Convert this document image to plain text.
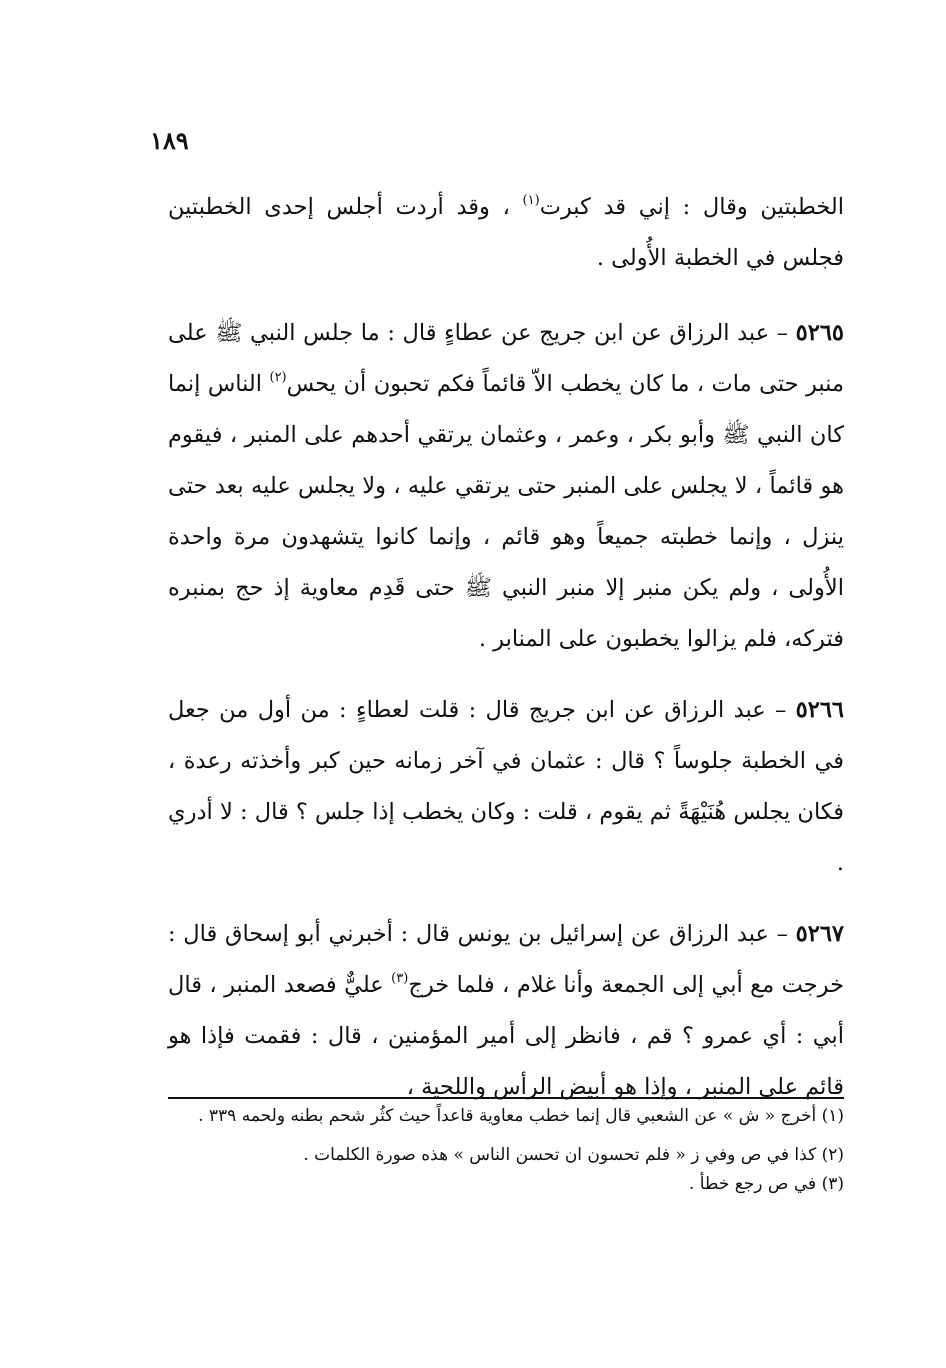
١٨٩

الخطبتين وقال : إني قد كبرت$^{(١)}$ ، وقد أردت أجلس إحدى الخطبتين فجلس في الخطبة الأُولى .

٥٢٦٥ – عبد الرزاق عن ابن جريج عن عطاءٍ قال : ما جلس النبي ﷺ على منبر حتى مات ، ما كان يخطب الاّ قائماً فكم تحبون أن يحس$^{(٢)}$ الناس إنما كان النبي ﷺ وأبو بكر ، وعمر ، وعثمان يرتقي أحدهم على المنبر ، فيقوم هو قائماً ، لا يجلس على المنبر حتى يرتقي عليه ، ولا يجلس عليه بعد حتى ينزل ، وإنما خطبته جميعاً وهو قائم ، وإنما كانوا يتشهدون مرة واحدة الأُولى ، ولم يكن منبر إلا منبر النبي ﷺ حتى قَدِم معاوية إذ حج بمنبره فتركه، فلم يزالوا يخطبون على المنابر .

٥٢٦٦ – عبد الرزاق عن ابن جريج قال : قلت لعطاءٍ : من أول من جعل في الخطبة جلوساً ؟ قال : عثمان في آخر زمانه حين كبر وأخذته رعدة ، فكان يجلس هُنَيْهَةً ثم يقوم ، قلت : وكان يخطب إذا جلس ؟ قال : لا أدري .

٥٢٦٧ – عبد الرزاق عن إسرائيل بن يونس قال : أخبرني أبو إسحاق قال : خرجت مع أبي إلى الجمعة وأنا غلام ، فلما خرج$^{(٣)}$ عليٌّ فصعد المنبر ، قال أبي : أي عمرو ؟ قم ، فانظر إلى أمير المؤمنين ، قال : فقمت فإذا هو قائم على المنبر ، وإذا هو أبيض الرأس واللحية ،

(١) أخرج « ش » عن الشعبي قال إنما خطب معاوية قاعداً حيث كثُر شحم بطنه ولحمه ٣٣٩ .

(٢) كذا في ص وفي ز « فلم تحسون ان تحسن الناس » هذه صورة الكلمات .

(٣) في ص رجع خطأ .
